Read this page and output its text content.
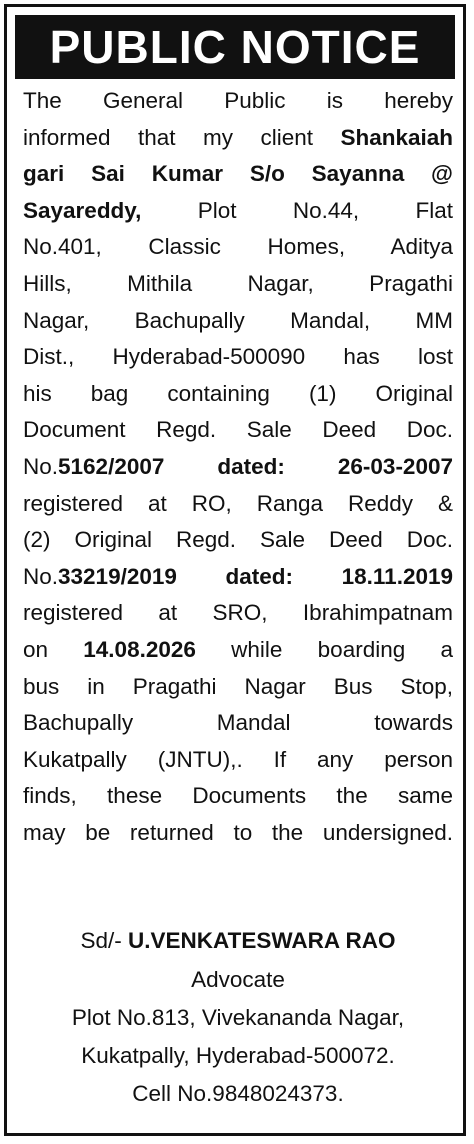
PUBLIC NOTICE
The General Public is hereby
informed that my client Shankaiah
gari Sai Kumar S/o Sayanna @
Sayareddy, Plot No.44, Flat
No.401, Classic Homes, Aditya
Hills, Mithila Nagar, Pragathi
Nagar, Bachupally Mandal, MM
Dist., Hyderabad-500090 has lost
his bag containing (1) Original
Document Regd. Sale Deed Doc.
No.5162/2007 dated: 26-03-2007
registered at RO, Ranga Reddy &
(2) Original Regd. Sale Deed Doc.
No.33219/2019 dated: 18.11.2019
registered at SRO, Ibrahimpatnam
on 14.08.2026 while boarding a
bus in Pragathi Nagar Bus Stop,
Bachupally Mandal towards
Kukatpally (JNTU),. If any person
finds, these Documents the same
may be returned to the undersigned.
Sd/- U.VENKATESWARA RAO
Advocate
Plot No.813, Vivekananda Nagar,
Kukatpally, Hyderabad-500072.
Cell No.9848024373.
